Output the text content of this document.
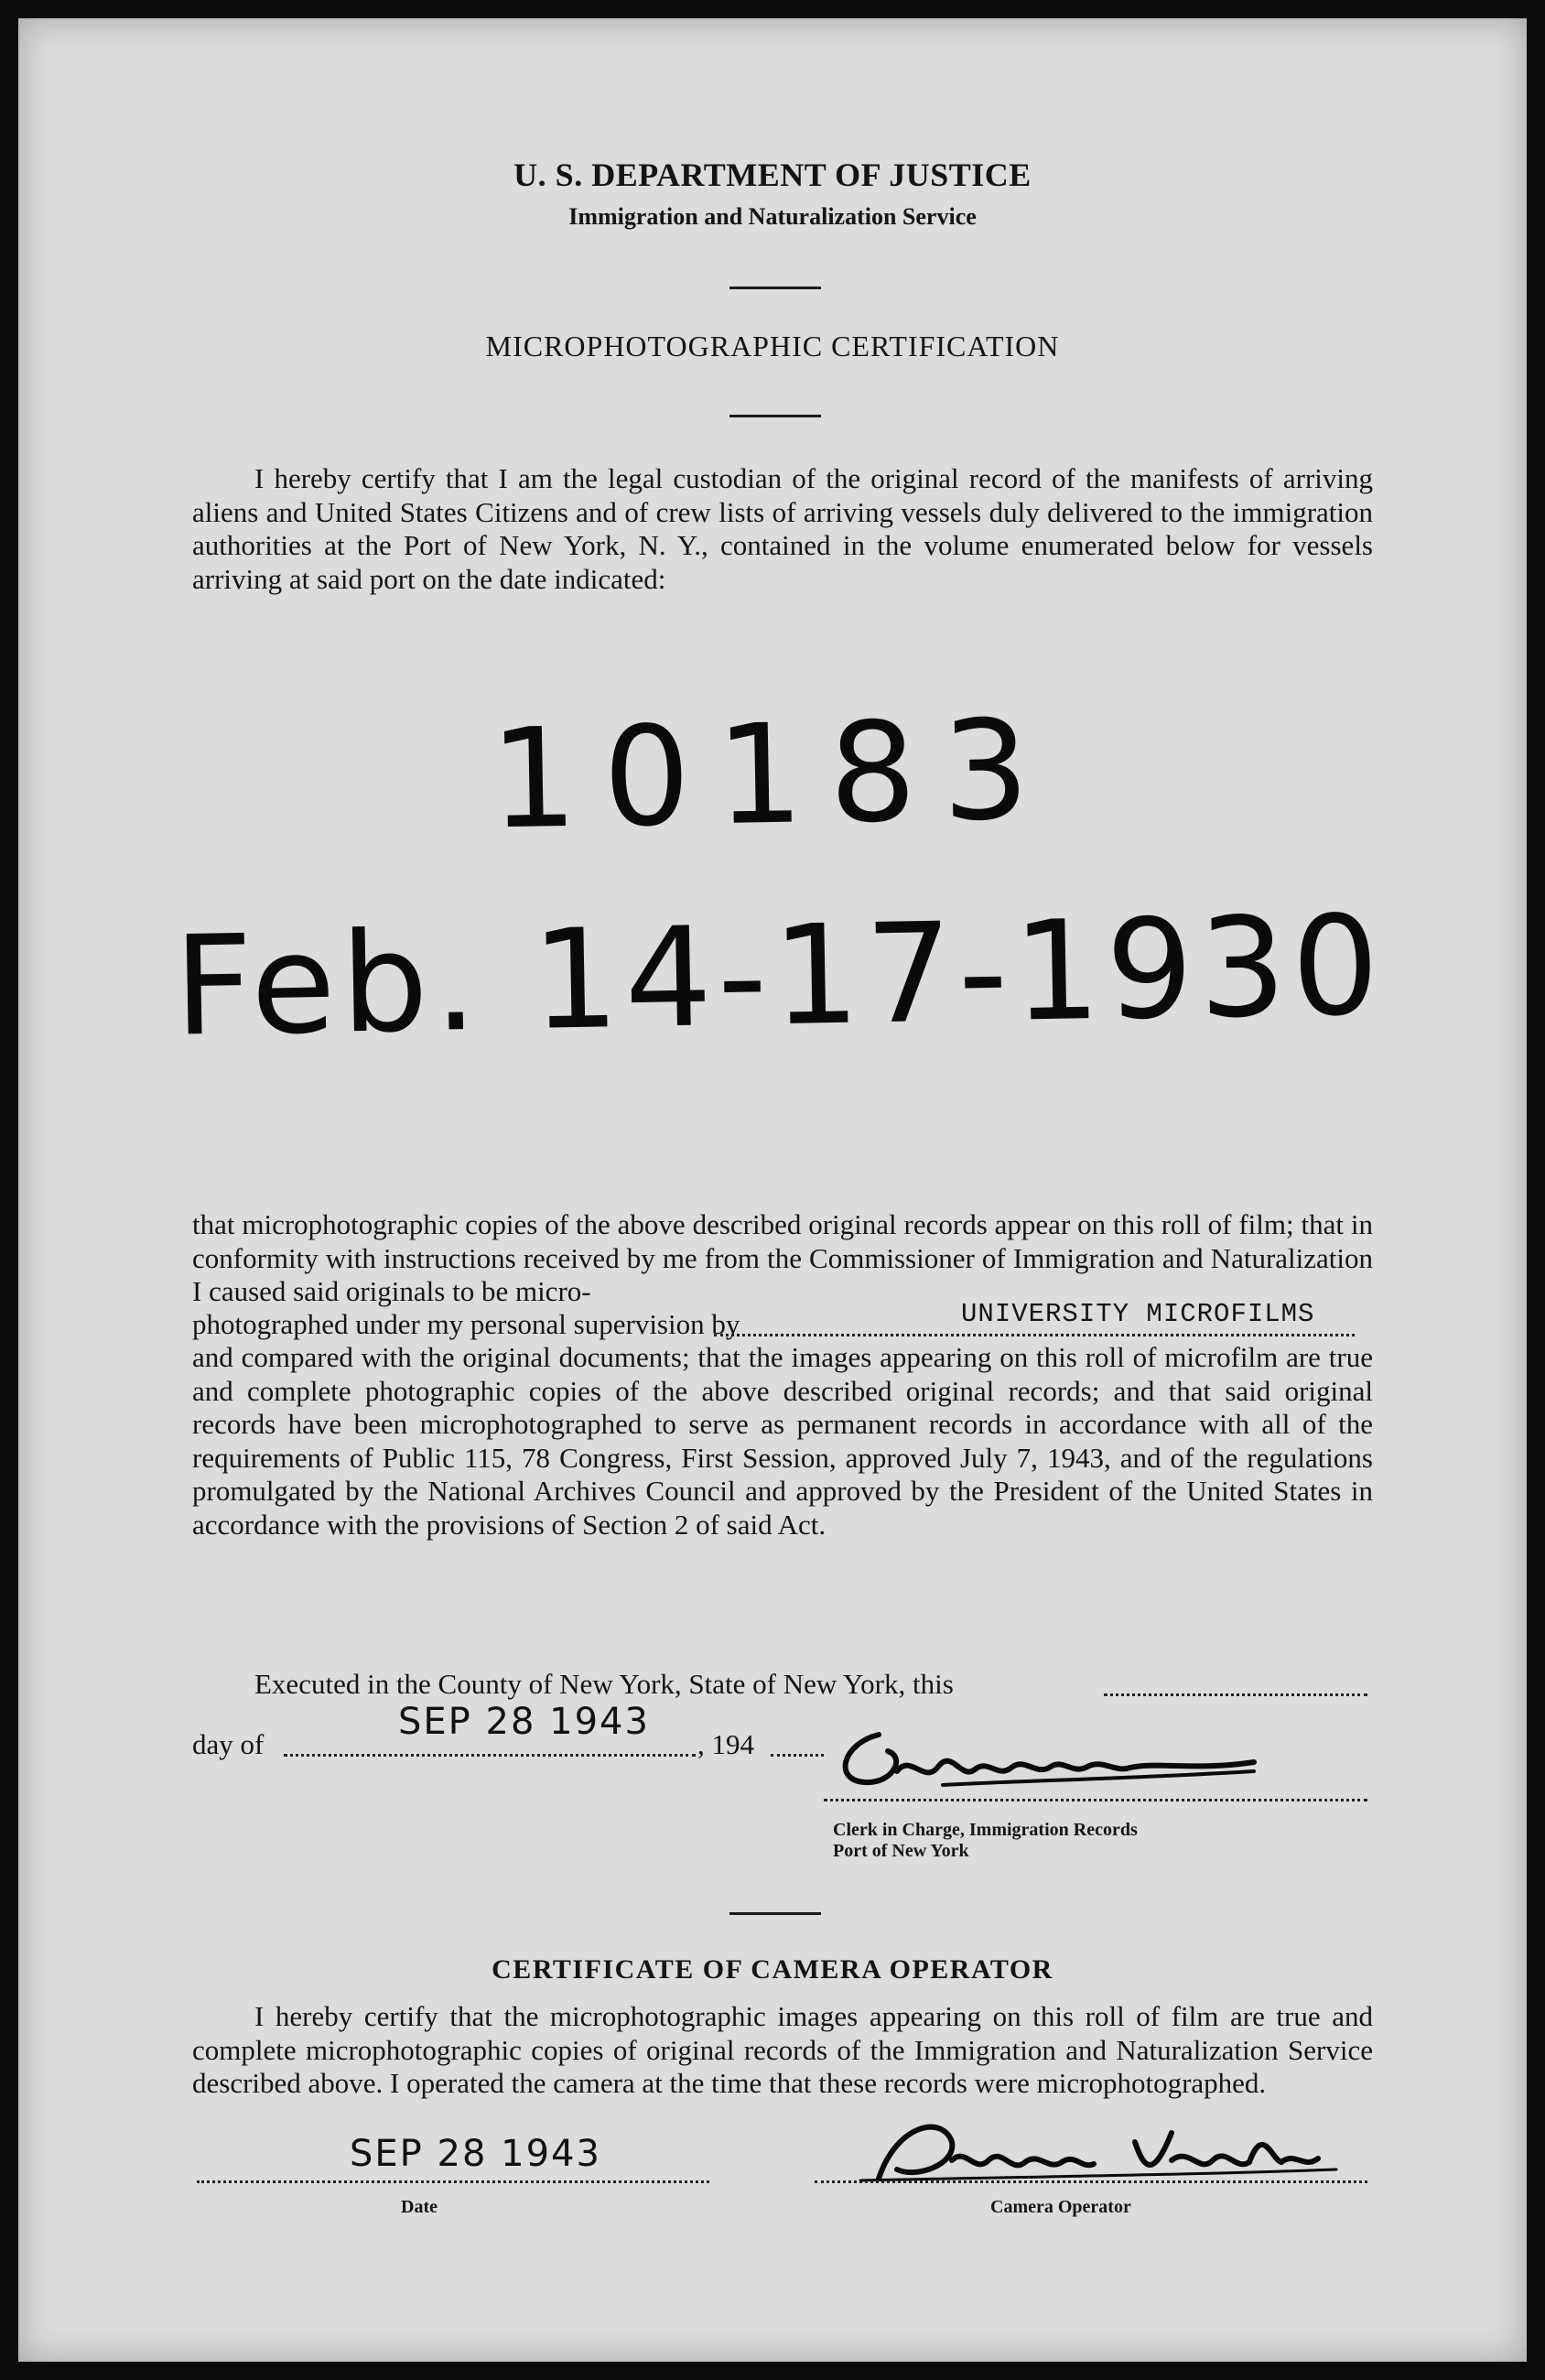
U. S. DEPARTMENT OF JUSTICE

Immigration and Naturalization Service

MICROPHOTOGRAPHIC CERTIFICATION

I hereby certify that I am the legal custodian of the original record of the manifests of arriving aliens and United States Citizens and of crew lists of arriving vessels duly delivered to the immigration authorities at the Port of New York, N. Y., contained in the volume enumerated below for vessels arriving at said port on the date indicated:

10183
Feb. 14-17-1930

that microphotographic copies of the above described original records appear on this roll of film; that in conformity with instructions received by me from the Commissioner of Immigration and Naturalization I caused said originals to be micro-

photographed under my personal supervision by	UNIVERSITY MICROFILMS

and compared with the original documents; that the images appearing on this roll of microfilm are true and complete photographic copies of the above described original records; and that said original records have been microphotographed to serve as permanent records in accordance with all of the requirements of Public 115, 78 Congress, First Session, approved July 7, 1943, and of the regulations promulgated by the National Archives Council and approved by the President of the United States in accordance with the provisions of Section 2 of said Act.

Executed in the County of New York, State of New York, this
day of
SEP 28 1943
, 194
Clerk in Charge, Immigration Records
Port of New York

CERTIFICATE OF CAMERA OPERATOR

I hereby certify that the microphotographic images appearing on this roll of film are true and complete microphotographic copies of original records of the Immigration and Naturalization Service described above. I operated the camera at the time that these records were microphotographed.

SEP 28 1943
Date	Camera Operator
